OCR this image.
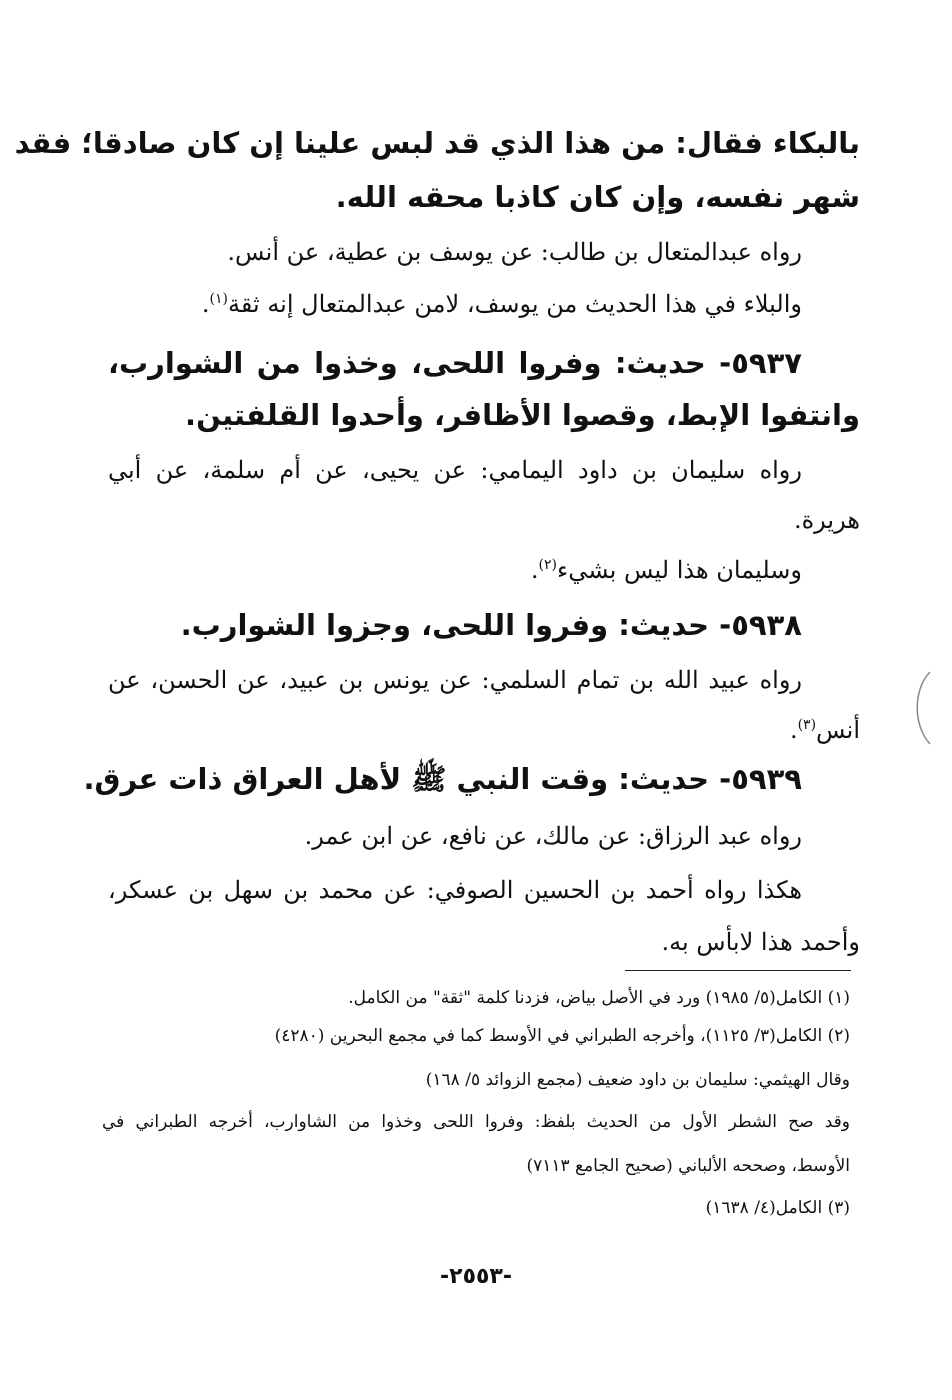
بالبكاء فقال: من هذا الذي قد لبس علينا إن كان صادقا؛ فقد
شهر نفسه، وإن كان كاذبا محقه الله.
رواه عبدالمتعال بن طالب: عن يوسف بن عطية، عن أنس.
والبلاء في هذا الحديث من يوسف، لامن عبدالمتعال إنه ثقة$^{(١)}$.
٥٩٣٧- حديث: وفروا اللحى، وخذوا من الشوارب،
وانتفوا الإبط، وقصوا الأظافر، وأحدوا القلفتين.
رواه سليمان بن داود اليمامي: عن يحيى، عن أم سلمة، عن أبي
هريرة.
وسليمان هذا ليس بشيء$^{(٢)}$.
٥٩٣٨- حديث: وفروا اللحى، وجزوا الشوارب.
رواه عبيد الله بن تمام السلمي: عن يونس بن عبيد، عن الحسن، عن
أنس$^{(٣)}$.
٥٩٣٩- حديث: وقت النبي ﷺ لأهل العراق ذات عرق.
رواه عبد الرزاق: عن مالك، عن نافع، عن ابن عمر.
هكذا رواه أحمد بن الحسين الصوفي: عن محمد بن سهل بن عسكر،
وأحمد هذا لابأس به.
(١) الكامل(٥/ ١٩٨٥) ورد في الأصل بياض، فزدنا كلمة "ثقة" من الكامل.
(٢) الكامل(٣/ ١١٢٥)، وأخرجه الطبراني في الأوسط كما في مجمع البحرين (٤٢٨٠)
وقال الهيثمي: سليمان بن داود ضعيف (مجمع الزوائد ٥/ ١٦٨)
وقد صح الشطر الأول من الحديث بلفظ: وفروا اللحى وخذوا من الشاوارب، أخرجه الطبراني في
الأوسط، وصححه الألباني (صحيح الجامع ٧١١٣)
(٣) الكامل(٤/ ١٦٣٨)
-٢٥٥٣-
